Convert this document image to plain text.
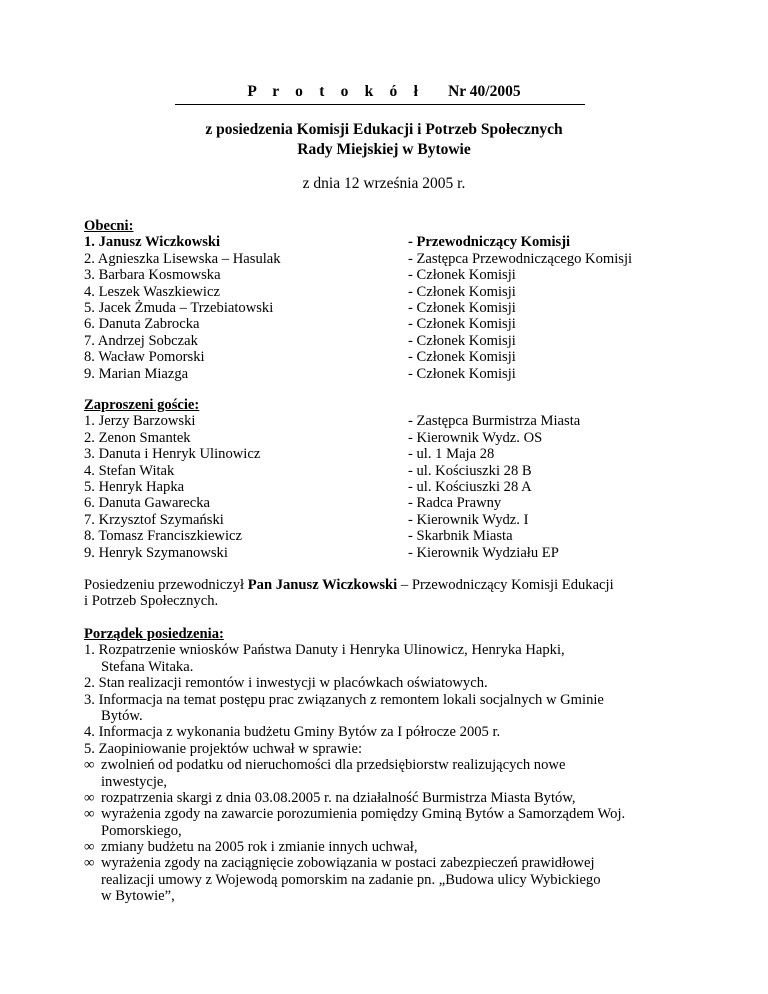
P r o t o k ó ł Nr 40/2005
z posiedzenia Komisji Edukacji i Potrzeb Społecznych
Rady Miejskiej w Bytowie
z dnia 12 września 2005 r.
Obecni:
1. Janusz Wiczkowski	- Przewodniczący Komisji
2. Agnieszka Lisewska – Hasulak	- Zastępca Przewodniczącego Komisji
3. Barbara Kosmowska	- Członek Komisji
4. Leszek Waszkiewicz	- Członek Komisji
5. Jacek Żmuda – Trzebiatowski	- Członek Komisji
6. Danuta Zabrocka	- Członek Komisji
7. Andrzej Sobczak	- Członek Komisji
8. Wacław Pomorski	- Członek Komisji
9. Marian Miazga	- Członek Komisji
Zaproszeni goście:
1. Jerzy Barzowski	- Zastępca Burmistrza Miasta
2. Zenon Smantek	- Kierownik Wydz. OS
3. Danuta i Henryk Ulinowicz	- ul. 1 Maja 28
4. Stefan Witak	- ul. Kościuszki 28 B
5. Henryk Hapka	- ul. Kościuszki 28 A
6. Danuta Gawarecka	- Radca Prawny
7. Krzysztof Szymański	- Kierownik Wydz. I
8. Tomasz Franciszkiewicz	- Skarbnik Miasta
9. Henryk Szymanowski	- Kierownik Wydziału EP
Posiedzeniu przewodniczył Pan Janusz Wiczkowski – Przewodniczący Komisji Edukacji
i Potrzeb Społecznych.
Porządek posiedzenia:
1. Rozpatrzenie wniosków Państwa Danuty i Henryka Ulinowicz, Henryka Hapki,
Stefana Witaka.
2. Stan realizacji remontów i inwestycji w placówkach oświatowych.
3. Informacja na temat postępu prac związanych z remontem lokali socjalnych w Gminie
Bytów.
4. Informacja z wykonania budżetu Gminy Bytów za I półrocze 2005 r.
5. Zaopiniowanie projektów uchwał w sprawie:
∞ zwolnień od podatku od nieruchomości dla przedsiębiorstw realizujących nowe
inwestycje,
∞ rozpatrzenia skargi z dnia 03.08.2005 r. na działalność Burmistrza Miasta Bytów,
∞ wyrażenia zgody na zawarcie porozumienia pomiędzy Gminą Bytów a Samorządem Woj.
Pomorskiego,
∞ zmiany budżetu na 2005 rok i zmianie innych uchwał,
∞ wyrażenia zgody na zaciągnięcie zobowiązania w postaci zabezpieczeń prawidłowej
realizacji umowy z Wojewodą pomorskim na zadanie pn. „Budowa ulicy Wybickiego
w Bytowie”,
